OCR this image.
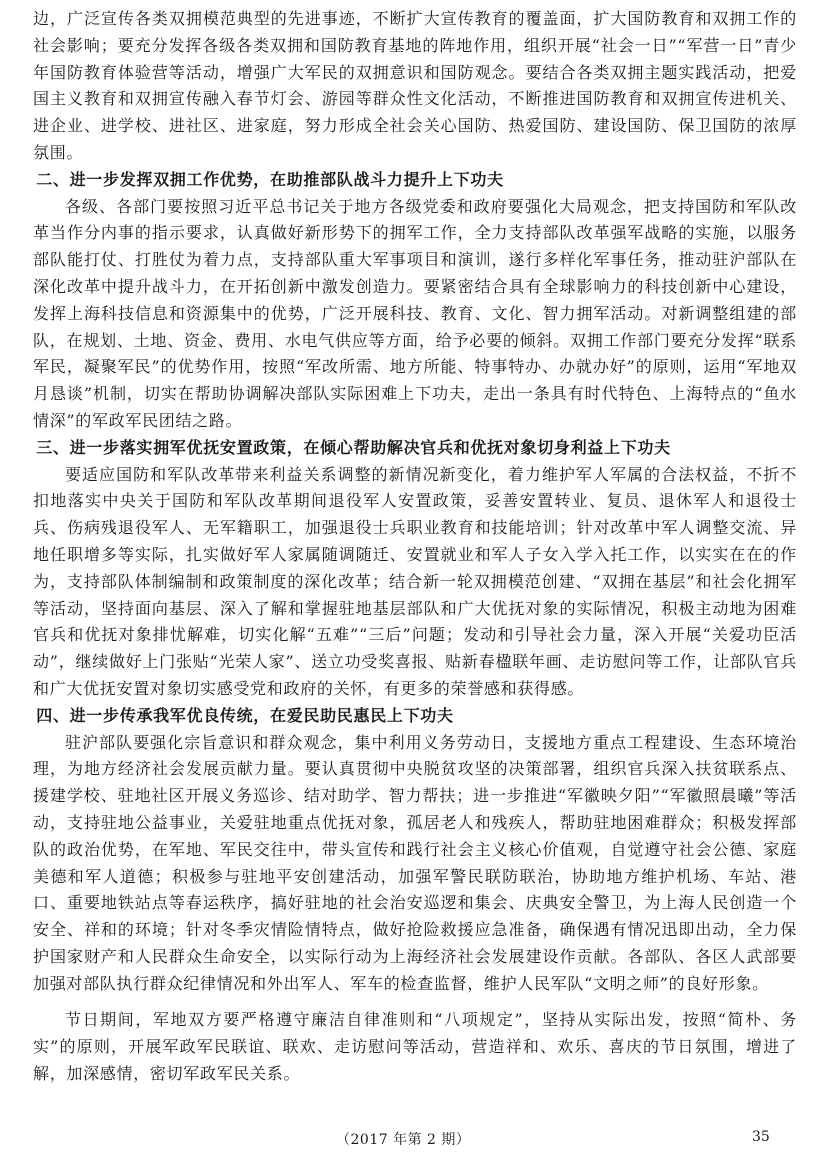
边，广泛宣传各类双拥模范典型的先进事迹，不断扩大宣传教育的覆盖面，扩大国防教育和双拥工作的社会影响；要充分发挥各级各类双拥和国防教育基地的阵地作用，组织开展“社会一日”“军营一日”青少年国防教育体验营等活动，增强广大军民的双拥意识和国防观念。要结合各类双拥主题实践活动，把爱国主义教育和双拥宣传融入春节灯会、游园等群众性文化活动，不断推进国防教育和双拥宣传进机关、进企业、进学校、进社区、进家庭，努力形成全社会关心国防、热爱国防、建设国防、保卫国防的浓厚氛围。

二、进一步发挥双拥工作优势，在助推部队战斗力提升上下功夫

各级、各部门要按照习近平总书记关于地方各级党委和政府要强化大局观念，把支持国防和军队改革当作分内事的指示要求，认真做好新形势下的拥军工作，全力支持部队改革强军战略的实施，以服务部队能打仗、打胜仗为着力点，支持部队重大军事项目和演训，遂行多样化军事任务，推动驻沪部队在深化改革中提升战斗力，在开拓创新中激发创造力。要紧密结合具有全球影响力的科技创新中心建设，发挥上海科技信息和资源集中的优势，广泛开展科技、教育、文化、智力拥军活动。对新调整组建的部队，在规划、土地、资金、费用、水电气供应等方面，给予必要的倾斜。双拥工作部门要充分发挥“联系军民，凝聚军民”的优势作用，按照“军改所需、地方所能、特事特办、办就办好”的原则，运用“军地双月恳谈”机制，切实在帮助协调解决部队实际困难上下功夫，走出一条具有时代特色、上海特点的“鱼水情深”的军政军民团结之路。

三、进一步落实拥军优抚安置政策，在倾心帮助解决官兵和优抚对象切身利益上下功夫

要适应国防和军队改革带来利益关系调整的新情况新变化，着力维护军人军属的合法权益，不折不扣地落实中央关于国防和军队改革期间退役军人安置政策，妥善安置转业、复员、退休军人和退役士兵、伤病残退役军人、无军籍职工，加强退役士兵职业教育和技能培训；针对改革中军人调整交流、异地任职增多等实际，扎实做好军人家属随调随迁、安置就业和军人子女入学入托工作，以实实在在的作为，支持部队体制编制和政策制度的深化改革；结合新一轮双拥模范创建、“双拥在基层”和社会化拥军等活动，坚持面向基层、深入了解和掌握驻地基层部队和广大优抚对象的实际情况，积极主动地为困难官兵和优抚对象排忧解难，切实化解“五难”“三后”问题；发动和引导社会力量，深入开展“关爱功臣活动”，继续做好上门张贴“光荣人家”、送立功受奖喜报、贴新春楹联年画、走访慰问等工作，让部队官兵和广大优抚安置对象切实感受党和政府的关怀，有更多的荣誉感和获得感。

四、进一步传承我军优良传统，在爱民助民惠民上下功夫

驻沪部队要强化宗旨意识和群众观念，集中利用义务劳动日，支援地方重点工程建设、生态环境治理，为地方经济社会发展贡献力量。要认真贯彻中央脱贫攻坚的决策部署，组织官兵深入扶贫联系点、援建学校、驻地社区开展义务巡诊、结对助学、智力帮扶；进一步推进“军徽映夕阳”“军徽照晨曦”等活动，支持驻地公益事业，关爱驻地重点优抚对象，孤居老人和残疾人，帮助驻地困难群众；积极发挥部队的政治优势，在军地、军民交往中，带头宣传和践行社会主义核心价值观，自觉遵守社会公德、家庭美德和军人道德；积极参与驻地平安创建活动，加强军警民联防联治，协助地方维护机场、车站、港口、重要地铁站点等春运秩序，搞好驻地的社会治安巡逻和集会、庆典安全警卫，为上海人民创造一个安全、祥和的环境；针对冬季灾情险情特点，做好抢险救援应急准备，确保遇有情况迅即出动，全力保护国家财产和人民群众生命安全，以实际行动为上海经济社会发展建设作贡献。各部队、各区人武部要加强对部队执行群众纪律情况和外出军人、军车的检查监督，维护人民军队“文明之师”的良好形象。

节日期间，军地双方要严格遵守廉洁自律准则和“八项规定”，坚持从实际出发，按照“简朴、务实”的原则，开展军政军民联谊、联欢、走访慰问等活动，营造祥和、欢乐、喜庆的节日氛围，增进了解，加深感情，密切军政军民关系。

（2017 年第 2 期）	35
